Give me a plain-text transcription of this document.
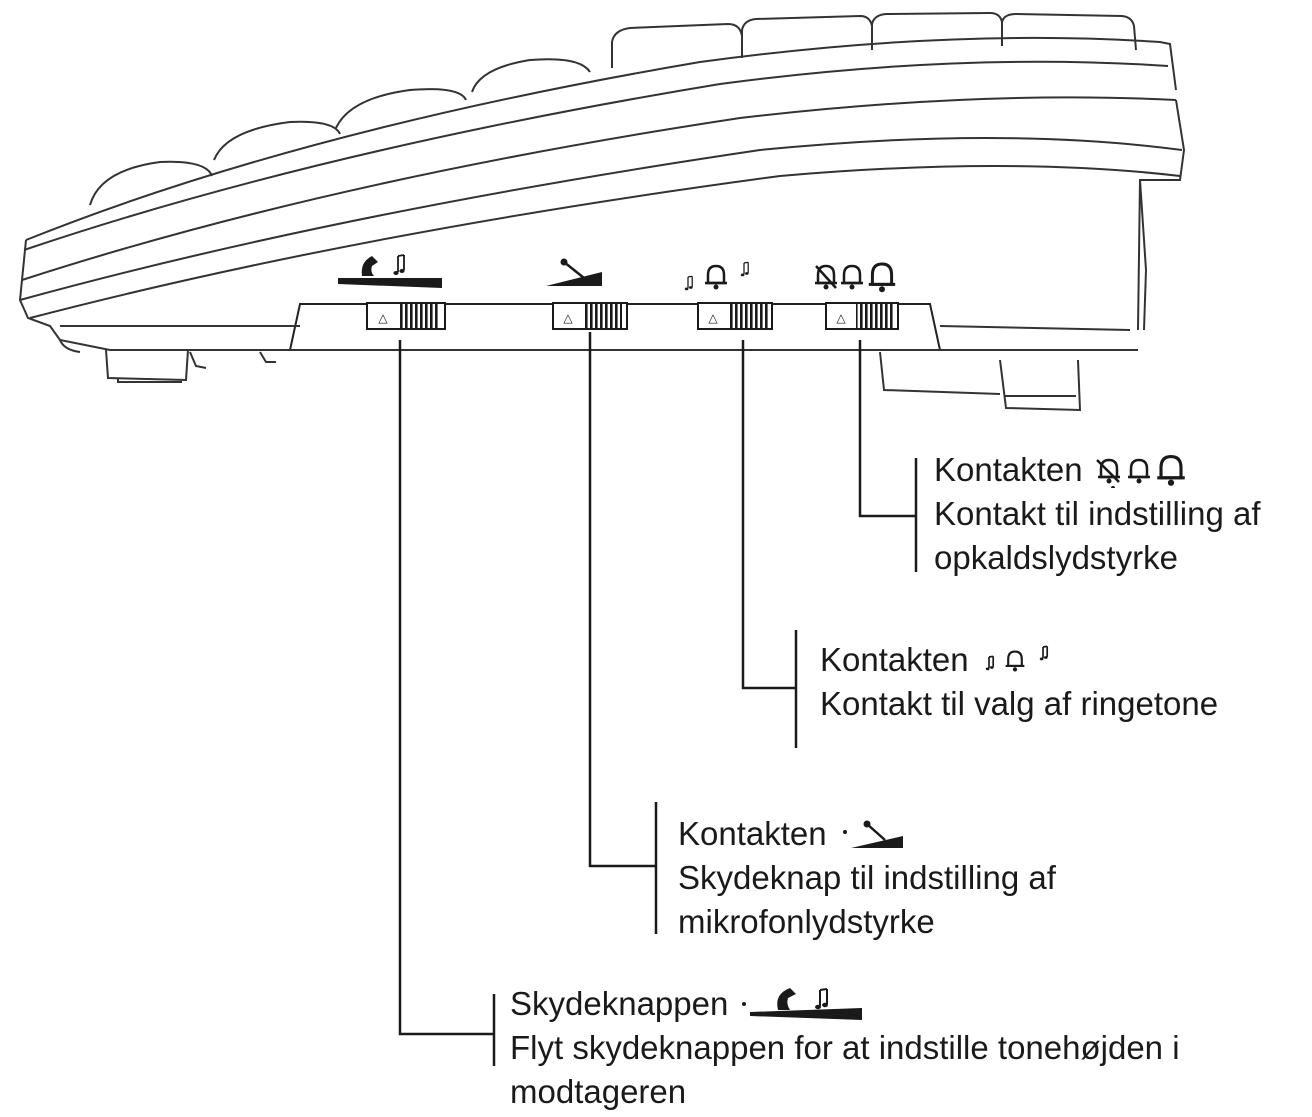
△	△	△	△
Kontakten
Kontakt til indstilling af
opkaldslydstyrke
Kontakten
Kontakt til valg af ringetone
Kontakten
Skydeknap til indstilling af
mikrofonlydstyrke
Skydeknappen
Flyt skydeknappen for at indstille tonehøjden i
modtageren
